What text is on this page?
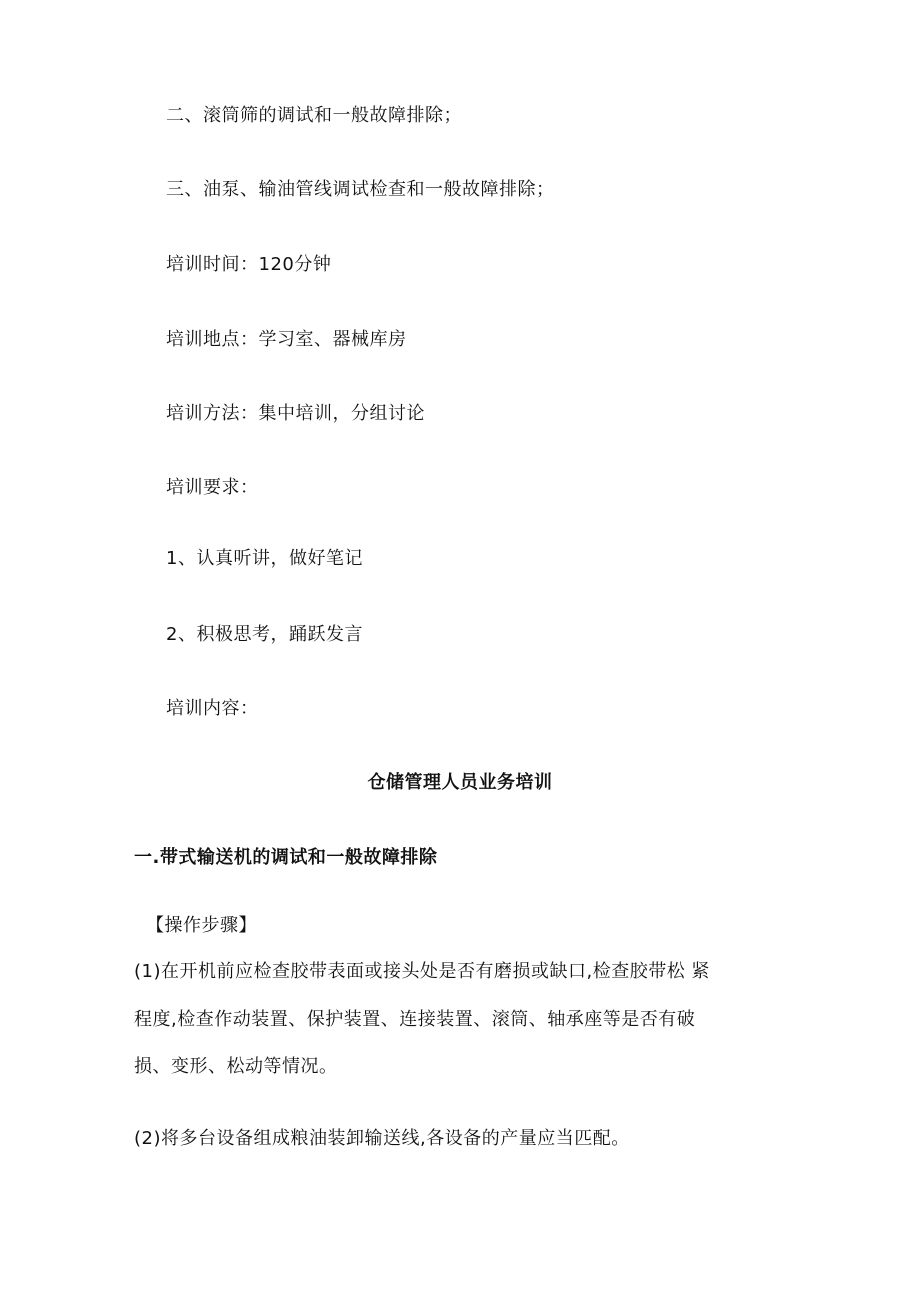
二、滚筒筛的调试和一般故障排除；
三、油泵、输油管线调试检查和一般故障排除；
培训时间：120分钟
培训地点：学习室、器械库房
培训方法：集中培训，分组讨论
培训要求：
1、认真听讲，做好笔记
2、积极思考，踊跃发言
培训内容：
仓储管理人员业务培训
一.带式输送机的调试和一般故障排除
【操作步骤】
(1)在开机前应检查胶带表面或接头处是否有磨损或缺口,检查胶带松 紧
程度,检查作动装置、保护装置、连接装置、滚筒、轴承座等是否有破
损、变形、松动等情况。
(2)将多台设备组成粮油装卸输送线,各设备的产量应当匹配。
